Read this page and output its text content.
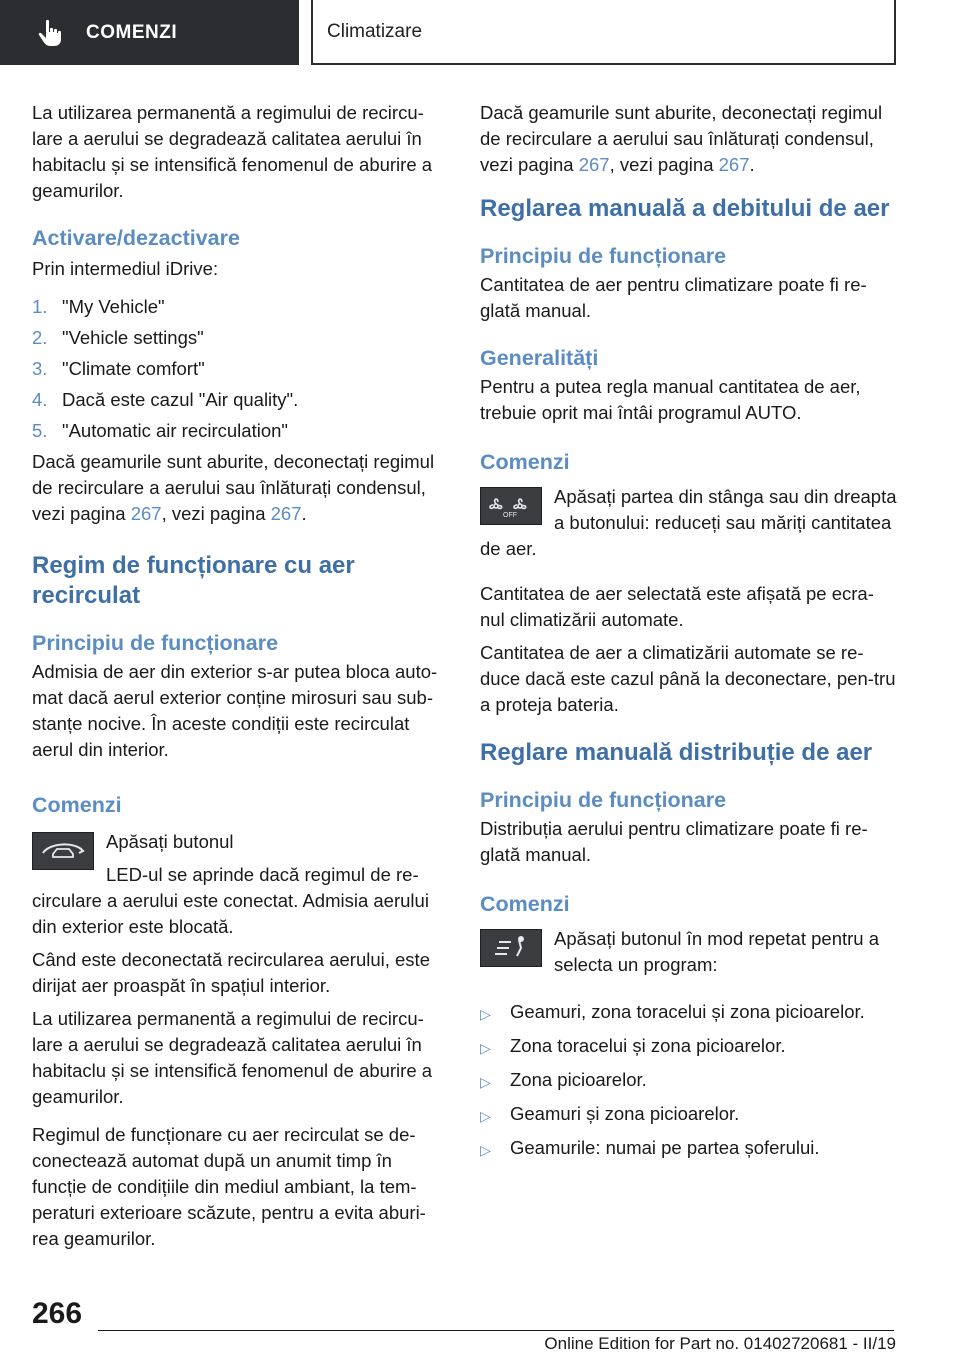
COMENZI	Climatizare

La utilizarea permanentă a regimului de recircu-lare a aerului se degradează calitatea aerului în habitaclu și se intensifică fenomenul de aburire a geamurilor.

Activare/dezactivare

Prin intermediul iDrive:

1. "My Vehicle"
2. "Vehicle settings"
3. "Climate comfort"
4. Dacă este cazul "Air quality".
5. "Automatic air recirculation"

Dacă geamurile sunt aburite, deconectați regimul de recirculare a aerului sau înlăturați condensul, vezi pagina 267, vezi pagina 267.

Regim de funcționare cu aer recirculat
Principiu de funcționare

Admisia de aer din exterior s-ar putea bloca auto-mat dacă aerul exterior conține mirosuri sau sub-stanțe nocive. În aceste condiții este recirculat aerul din interior.

Comenzi

Apăsați butonul

LED-ul se aprinde dacă regimul de re-circulare a aerului este conectat. Admisia aerului din exterior este blocată.

Când este deconectată recircularea aerului, este dirijat aer proaspăt în spațiul interior.

La utilizarea permanentă a regimului de recircu-lare a aerului se degradează calitatea aerului în habitaclu și se intensifică fenomenul de aburire a geamurilor.

Regimul de funcționare cu aer recirculat se de-conectează automat după un anumit timp în funcție de condițiile din mediul ambiant, la tem-peraturi exterioare scăzute, pentru a evita aburi-rea geamurilor.

Dacă geamurile sunt aburite, deconectați regimul de recirculare a aerului sau înlăturați condensul, vezi pagina 267, vezi pagina 267.

Reglarea manuală a debitului de aer
Principiu de funcționare

Cantitatea de aer pentru climatizare poate fi re-glată manual.

Generalități

Pentru a putea regla manual cantitatea de aer, trebuie oprit mai întâi programul AUTO.

Comenzi
OFF

Apăsați partea din stânga sau din dreapta a butonului: reduceți sau măriți cantitatea de aer.

Cantitatea de aer selectată este afișată pe ecra-nul climatizării automate.

Cantitatea de aer a climatizării automate se re-duce dacă este cazul până la deconectare, pen-tru a proteja bateria.

Reglare manuală distribuție de aer
Principiu de funcționare

Distribuția aerului pentru climatizare poate fi re-glată manual.

Comenzi

Apăsați butonul în mod repetat pentru a selecta un program:

▷	Geamuri, zona toracelui și zona picioarelor.
▷	Zona toracelui și zona picioarelor.
▷	Zona picioarelor.
▷	Geamuri și zona picioarelor.
▷	Geamurile: numai pe partea șoferului.
266
Online Edition for Part no. 01402720681 - II/19
